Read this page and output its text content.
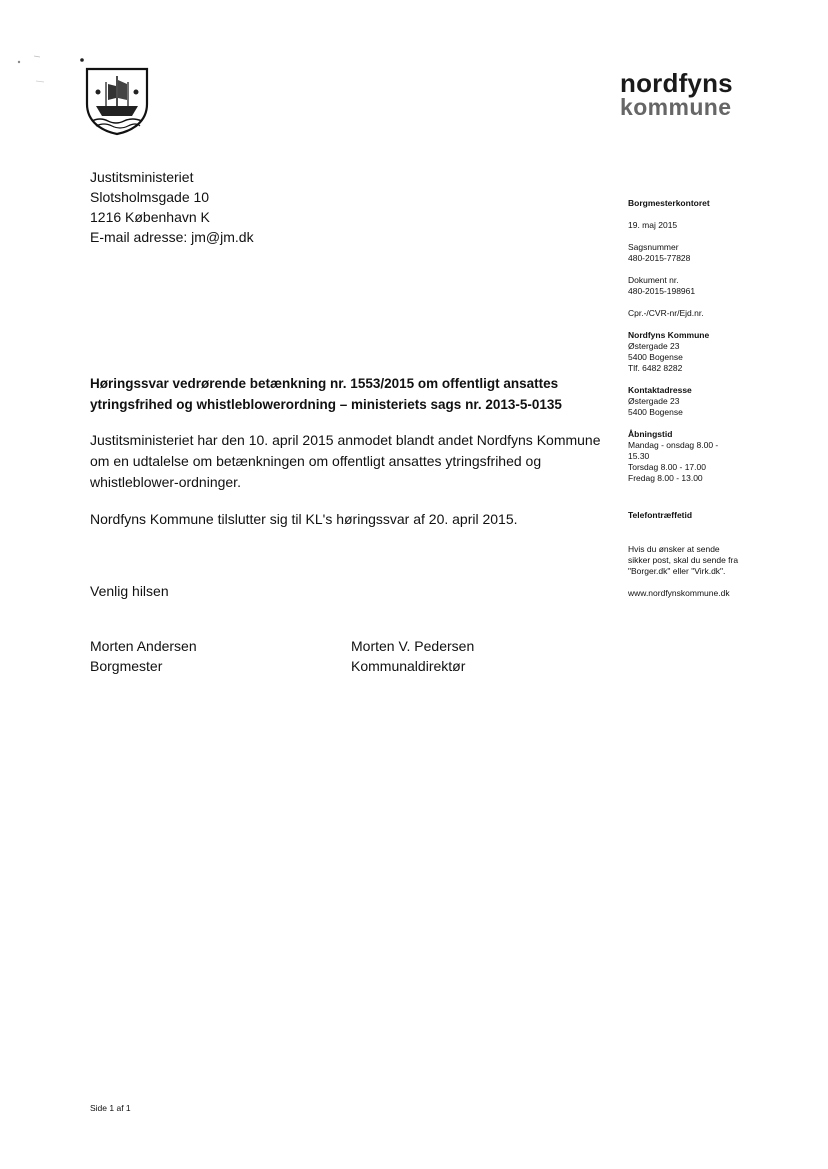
nordfyns
kommune
Justitsministeriet
Slotsholmsgade 10
1216 København K
E-mail adresse: jm@jm.dk
Borgmesterkontoret
19. maj 2015
Sagsnummer
480-2015-77828
Dokument nr.
480-2015-198961
Cpr.-/CVR-nr/Ejd.nr.
Nordfyns Kommune
Østergade 23
5400 Bogense
Tlf. 6482 8282
Kontaktadresse
Østergade 23
5400 Bogense
Åbningstid
Mandag - onsdag 8.00 -
15.30
Torsdag 8.00 - 17.00
Fredag 8.00 - 13.00
Telefontræffetid
Hvis du ønsker at sende
sikker post, skal du sende fra
"Borger.dk" eller "Virk.dk".
www.nordfynskommune.dk
Høringssvar vedrørende betænkning nr. 1553/2015 om offentligt ansattes
ytringsfrihed og whistleblowerordning – ministeriets sags nr. 2013-5-0135
Justitsministeriet har den 10. april 2015 anmodet blandt andet Nordfyns Kommune
om en udtalelse om betænkningen om offentligt ansattes ytringsfrihed og
whistleblower-ordninger.
Nordfyns Kommune tilslutter sig til KL's høringssvar af 20. april 2015.
Venlig hilsen
Morten Andersen
Borgmester
Morten V. Pedersen
Kommunaldirektør
Side 1 af 1
